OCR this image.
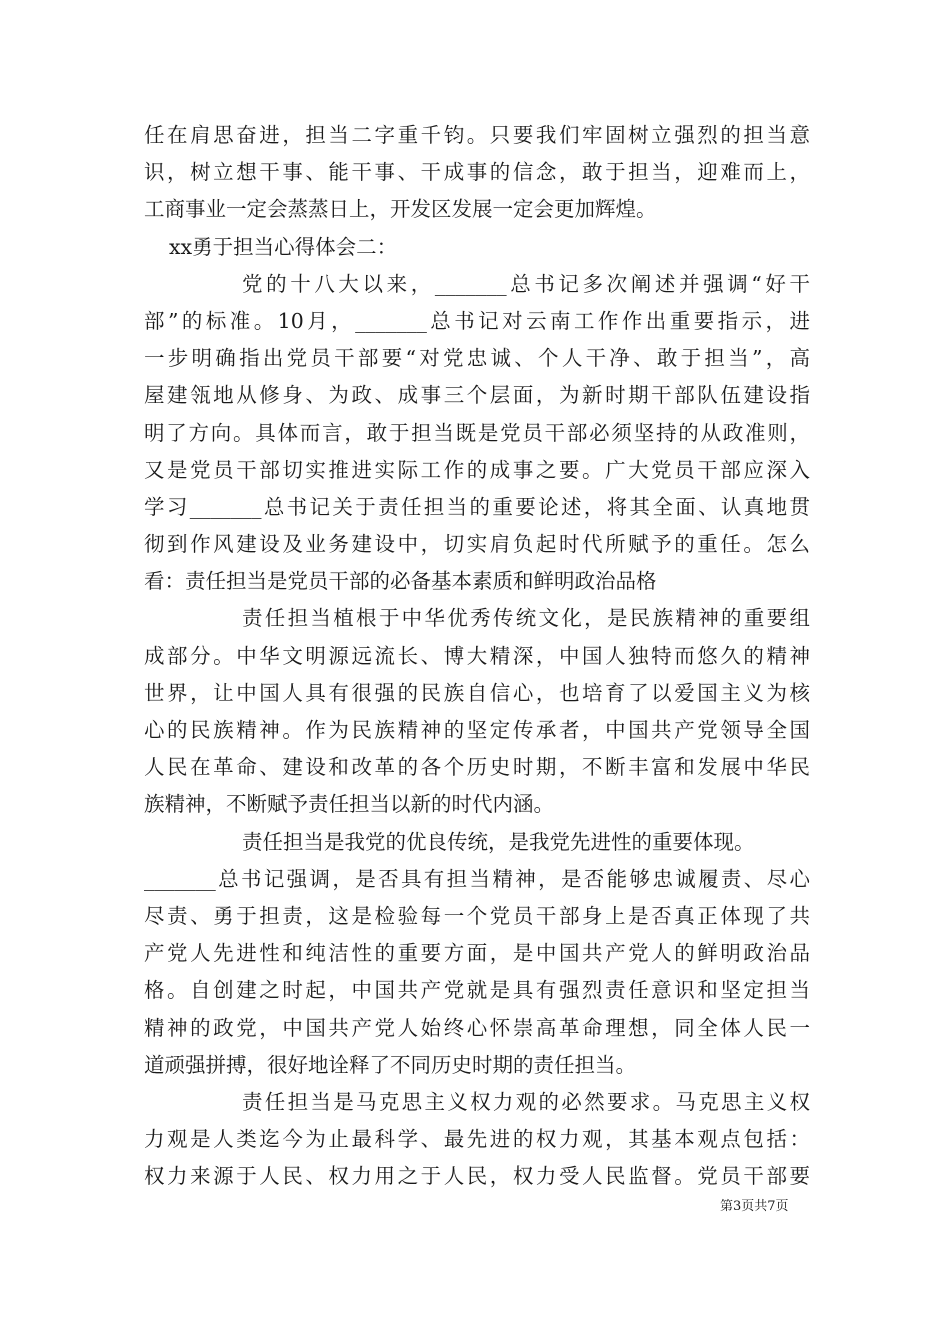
任在肩思奋进，担当二字重千钧。只要我们牢固树立强烈的担当意
识，树立想干事、能干事、干成事的信念，敢于担当，迎难而上，
工商事业一定会蒸蒸日上，开发区发展一定会更加辉煌。
xx勇于担当心得体会二：
党的十八大以来，_______总书记多次阐述并强调“好干
部”的标准。10月，_______总书记对云南工作作出重要指示，进
一步明确指出党员干部要“对党忠诚、个人干净、敢于担当”，高
屋建瓴地从修身、为政、成事三个层面，为新时期干部队伍建设指
明了方向。具体而言，敢于担当既是党员干部必须坚持的从政准则，
又是党员干部切实推进实际工作的成事之要。广大党员干部应深入
学习_______总书记关于责任担当的重要论述，将其全面、认真地贯
彻到作风建设及业务建设中，切实肩负起时代所赋予的重任。怎么
看：责任担当是党员干部的必备基本素质和鲜明政治品格
责任担当植根于中华优秀传统文化，是民族精神的重要组
成部分。中华文明源远流长、博大精深，中国人独特而悠久的精神
世界，让中国人具有很强的民族自信心，也培育了以爱国主义为核
心的民族精神。作为民族精神的坚定传承者，中国共产党领导全国
人民在革命、建设和改革的各个历史时期，不断丰富和发展中华民
族精神，不断赋予责任担当以新的时代内涵。
责任担当是我党的优良传统，是我党先进性的重要体现。
_______总书记强调，是否具有担当精神，是否能够忠诚履责、尽心
尽责、勇于担责，这是检验每一个党员干部身上是否真正体现了共
产党人先进性和纯洁性的重要方面，是中国共产党人的鲜明政治品
格。自创建之时起，中国共产党就是具有强烈责任意识和坚定担当
精神的政党，中国共产党人始终心怀崇高革命理想，同全体人民一
道顽强拼搏，很好地诠释了不同历史时期的责任担当。
责任担当是马克思主义权力观的必然要求。马克思主义权
力观是人类迄今为止最科学、最先进的权力观，其基本观点包括：
权力来源于人民、权力用之于人民，权力受人民监督。党员干部要
第3页共7页
